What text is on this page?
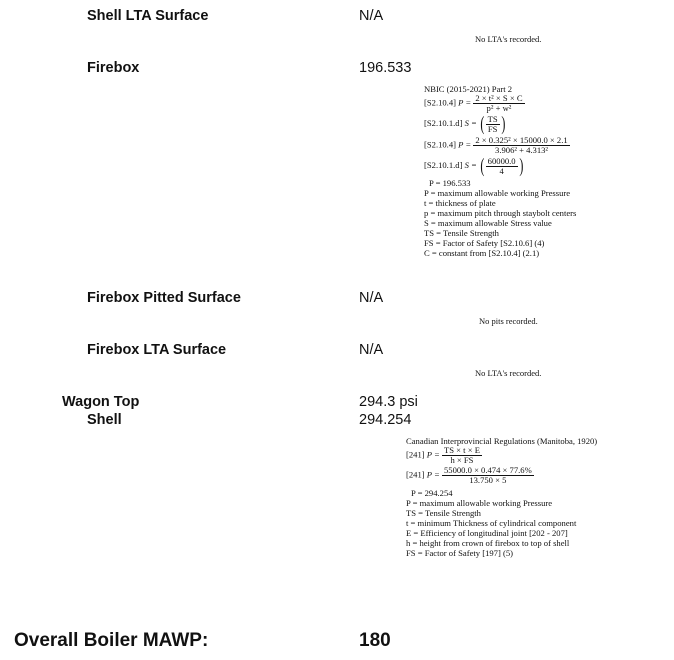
Shell LTA Surface	N/A
No LTA's recorded.
Firebox	196.533
NBIC (2015-2021) Part 2
[S2.10.4] $P = \frac{\text{2 × t² × S × C}}{\text{p² + w²}}$
[S2.10.1.d] S = ( $\frac{TS}{FS}$ )
[S2.10.4] $P = \frac{\text{2 × 0.325² × 15000.0 × 2.1}}{\text{3.906² + 4.313²}}$
[S2.10.1.d] S = ( $\frac{60000.0}{4}$ )
P = 196.533
P = maximum allowable working Pressure
t = thickness of plate
p = maximum pitch through staybolt centers
S = maximum allowable Stress value
TS = Tensile Strength
FS = Factor of Safety [S2.10.6] (4)
C = constant from [S2.10.4] (2.1)
Firebox Pitted Surface	N/A
No pits recorded.
Firebox LTA Surface	N/A
No LTA's recorded.
Wagon Top	294.3 psi
Shell	294.254
Canadian Interprovincial Regulations (Manitoba, 1920)
[241] $P = \frac{TS \times t \times E}{h \times FS}$
[241] $P = \frac{55000.0 \times 0.474 \times 77.6\%}{13.750 \times 5}$
P = 294.254
P = maximum allowable working Pressure
TS = Tensile Strength
t = minimum Thickness of cylindrical component
E = Efficiency of longitudinal joint [202 - 207]
h = height from crown of firebox to top of shell
FS = Factor of Safety [197] (5)
Overall Boiler MAWP:	180
